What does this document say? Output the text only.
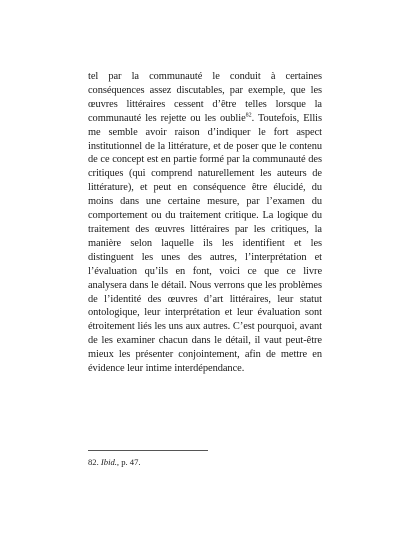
tel par la communauté le conduit à certaines conséquences assez discutables, par exemple, que les œuvres littéraires cessent d’être telles lorsque la communauté les rejette ou les oublie$^{82}$. Toutefois, Ellis me semble avoir raison d’indiquer le fort aspect institutionnel de la littérature, et de poser que le contenu de ce concept est en partie formé par la communauté des critiques (qui comprend naturellement les auteurs de littérature), et peut en conséquence être élucidé, du moins dans une certaine mesure, par l’examen du comportement ou du traitement critique. La logique du traitement des œuvres littéraires par les critiques, la manière selon laquelle ils les identifient et les distinguent les unes des autres, l’interprétation et l’évaluation qu’ils en font, voici ce que ce livre analysera dans le détail. Nous verrons que les problèmes de l’identité des œuvres d’art littéraires, leur statut ontologique, leur interprétation et leur évaluation sont étroitement liés les uns aux autres. C’est pourquoi, avant de les examiner chacun dans le détail, il vaut peut-être mieux les présenter conjointement, afin de mettre en évidence leur intime interdépendance.

82. Ibid., p. 47.
